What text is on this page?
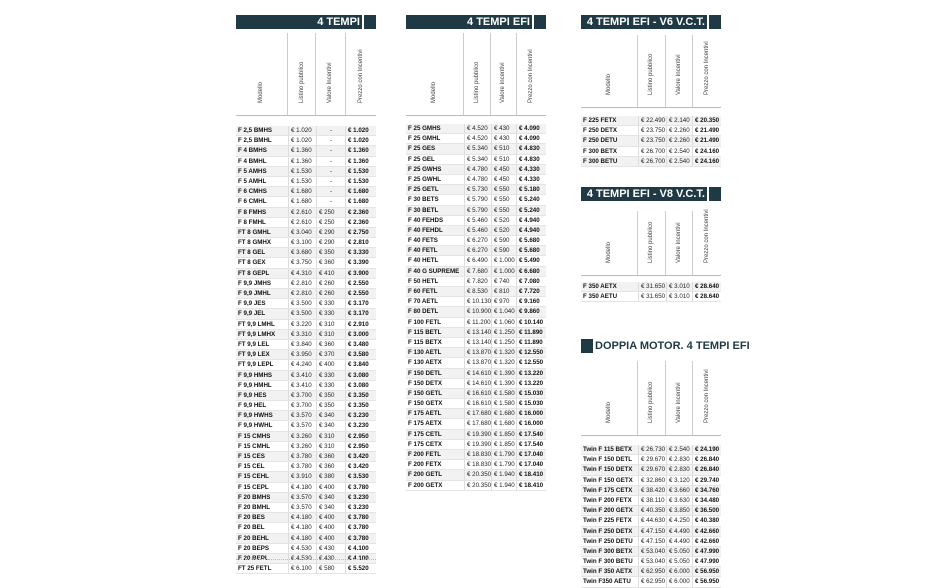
4 TEMPI
Modello	Listino pubblico	Valore Incentivi	Prezzo con Incentivi
F 2,5 BMHS	€ 1.020	-	€ 1.020
F 2,5 BMHL	€ 1.020	-	€ 1.020
F 4 BMHS	€ 1.360	-	€ 1.360
F 4 BMHL	€ 1.360	-	€ 1.360
F 5 AMHS	€ 1.530	-	€ 1.530
F 5 AMHL	€ 1.530	-	€ 1.530
F 6 CMHS	€ 1.680	-	€ 1.680
F 6 CMHL	€ 1.680	-	€ 1.680
F 8 FMHS	€ 2.610	€ 250	€ 2.360
F 8 FMHL	€ 2.610	€ 250	€ 2.360
FT 8 GMHL	€ 3.040	€ 290	€ 2.750
FT 8 GMHX	€ 3.100	€ 290	€ 2.810
FT 8 GEL	€ 3.680	€ 350	€ 3.330
FT 8 GEX	€ 3.750	€ 360	€ 3.390
FT 8 GEPL	€ 4.310	€ 410	€ 3.900
F 9,9 JMHS	€ 2.810	€ 260	€ 2.550
F 9,9 JMHL	€ 2.810	€ 260	€ 2.550
F 9,9 JES	€ 3.500	€ 330	€ 3.170
F 9,9 JEL	€ 3.500	€ 330	€ 3.170
FT 9,9 LMHL	€ 3.220	€ 310	€ 2.910
FT 9,9 LMHX	€ 3.310	€ 310	€ 3.000
FT 9,9 LEL	€ 3.840	€ 360	€ 3.480
FT 9,9 LEX	€ 3.950	€ 370	€ 3.580
FT 9,9 LEPL	€ 4.240	€ 400	€ 3.840
F 9,9 HMHS	€ 3.410	€ 330	€ 3.080
F 9,9 HMHL	€ 3.410	€ 330	€ 3.080
F 9,9 HES	€ 3.700	€ 350	€ 3.350
F 9,9 HEL	€ 3.700	€ 350	€ 3.350
F 9,9 HWHS	€ 3.570	€ 340	€ 3.230
F 9,9 HWHL	€ 3.570	€ 340	€ 3.230
F 15 CMHS	€ 3.260	€ 310	€ 2.950
F 15 CMHL	€ 3.260	€ 310	€ 2.950
F 15 CES	€ 3.780	€ 360	€ 3.420
F 15 CEL	€ 3.780	€ 360	€ 3.420
F 15 CEHL	€ 3.910	€ 380	€ 3.530
F 15 CEPL	€ 4.180	€ 400	€ 3.780
F 20 BMHS	€ 3.570	€ 340	€ 3.230
F 20 BMHL	€ 3.570	€ 340	€ 3.230
F 20 BES	€ 4.180	€ 400	€ 3.780
F 20 BEL	€ 4.180	€ 400	€ 3.780
F 20 BEHL	€ 4.180	€ 400	€ 3.780
F 20 BEPS	€ 4.530	€ 430	€ 4.100
F 20 BEPL	€ 4.530	€ 430	€ 4.100
FT 25 FETL	€ 6.100	€ 580	€ 5.520
4 TEMPI EFI
Modello	Listino pubblico	Valore Incentivi	Prezzo con Incentivi
F 25 GMHS	€ 4.520	€ 430	€ 4.090
F 25 GMHL	€ 4.520	€ 430	€ 4.090
F 25 GES	€ 5.340	€ 510	€ 4.830
F 25 GEL	€ 5.340	€ 510	€ 4.830
F 25 GWHS	€ 4.780	€ 450	€ 4.330
F 25 GWHL	€ 4.780	€ 450	€ 4.330
F 25 GETL	€ 5.730	€ 550	€ 5.180
F 30 BETS	€ 5.790	€ 550	€ 5.240
F 30 BETL	€ 5.790	€ 550	€ 5.240
F 40 FEHDS	€ 5.460	€ 520	€ 4.940
F 40 FEHDL	€ 5.460	€ 520	€ 4.940
F 40 FETS	€ 6.270	€ 590	€ 5.680
F 40 FETL	€ 6.270	€ 590	€ 5.680
F 40 HETL	€ 6.490	€ 1.000 € 5.490
F 40 G SUPREME	€ 7.680	€ 1.000 € 6.680
F 50 HETL	€ 7.820	€ 740	€ 7.080
F 60 FETL	€ 8.530	€ 810	€ 7.720
F 70 AETL	€ 10.130 € 970	€ 9.160
F 80 DETL	€ 10.900 € 1.040 € 9.860
F 100 FETL	€ 11.200 € 1.060 € 10.140
F 115 BETL	€ 13.140 € 1.250 € 11.890
F 115 BETX	€ 13.140 € 1.250 € 11.890
F 130 AETL	€ 13.870 € 1.320 € 12.550
F 130 AETX	€ 13.870 € 1.320 € 12.550
F 150 DETL	€ 14.610 € 1.390 € 13.220
F 150 DETX	€ 14.610 € 1.390 € 13.220
F 150 GETL	€ 16.610 € 1.580 € 15.030
F 150 GETX	€ 16.610 € 1.580 € 15.030
F 175 AETL	€ 17.680 € 1.680 € 16.000
F 175 AETX	€ 17.680 € 1.680 € 16.000
F 175 CETL	€ 19.390 € 1.850 € 17.540
F 175 CETX	€ 19.390 € 1.850 € 17.540
F 200 FETL	€ 18.830 € 1.790 € 17.040
F 200 FETX	€ 18.830 € 1.790 € 17.040
F 200 GETL	€ 20.350 € 1.940 € 18.410
F 200 GETX	€ 20.350 € 1.940 € 18.410
4 TEMPI EFI - V6 V.C.T.
Modello	Listino pubblico	Valore Incentivi	Prezzo con Incentivi
F 225 FETX	€ 22.490 € 2.140 € 20.350
F 250 DETX	€ 23.750 € 2.260 € 21.490
F 250 DETU	€ 23.750 € 2.260 € 21.490
F 300 BETX	€ 26.700 € 2.540 € 24.160
F 300 BETU	€ 26.700 € 2.540 € 24.160
4 TEMPI EFI - V8 V.C.T.
Modello	Listino pubblico	Valore Incentivi	Prezzo con Incentivi
F 350 AETX	€ 31.650 € 3.010 € 28.640
F 350 AETU	€ 31.650 € 3.010 € 28.640
DOPPIA MOTOR. 4 TEMPI EFI
Modello	Listino pubblico	Valore Incentivi	Prezzo con Incentivi
Twin F 115 BETX	€ 26.730 € 2.540 € 24.190
Twin F 150 DETL	€ 29.670 € 2.830 € 26.840
Twin F 150 DETX	€ 29.670 € 2.830 € 26.840
Twin F 150 GETX	€ 32.860 € 3.120 € 29.740
Twin F 175 CETX	€ 38.420 € 3.660 € 34.760
Twin F 200 FETX	€ 38.110 € 3.630 € 34.480
Twin F 200 GETX	€ 40.350 € 3.850 € 36.500
Twin F 225 FETX	€ 44.630 € 4.250 € 40.380
Twin F 250 DETX	€ 47.150 € 4.490 € 42.660
Twin F 250 DETU	€ 47.150 € 4.490 € 42.660
Twin F 300 BETX	€ 53.040 € 5.050 € 47.990
Twin F 300 BETU	€ 53.040 € 5.050 € 47.990
Twin F 350 AETX	€ 62.950 € 6.000 € 56.950
Twin F350 AETU	€ 62.950 € 6.000 € 56.950
